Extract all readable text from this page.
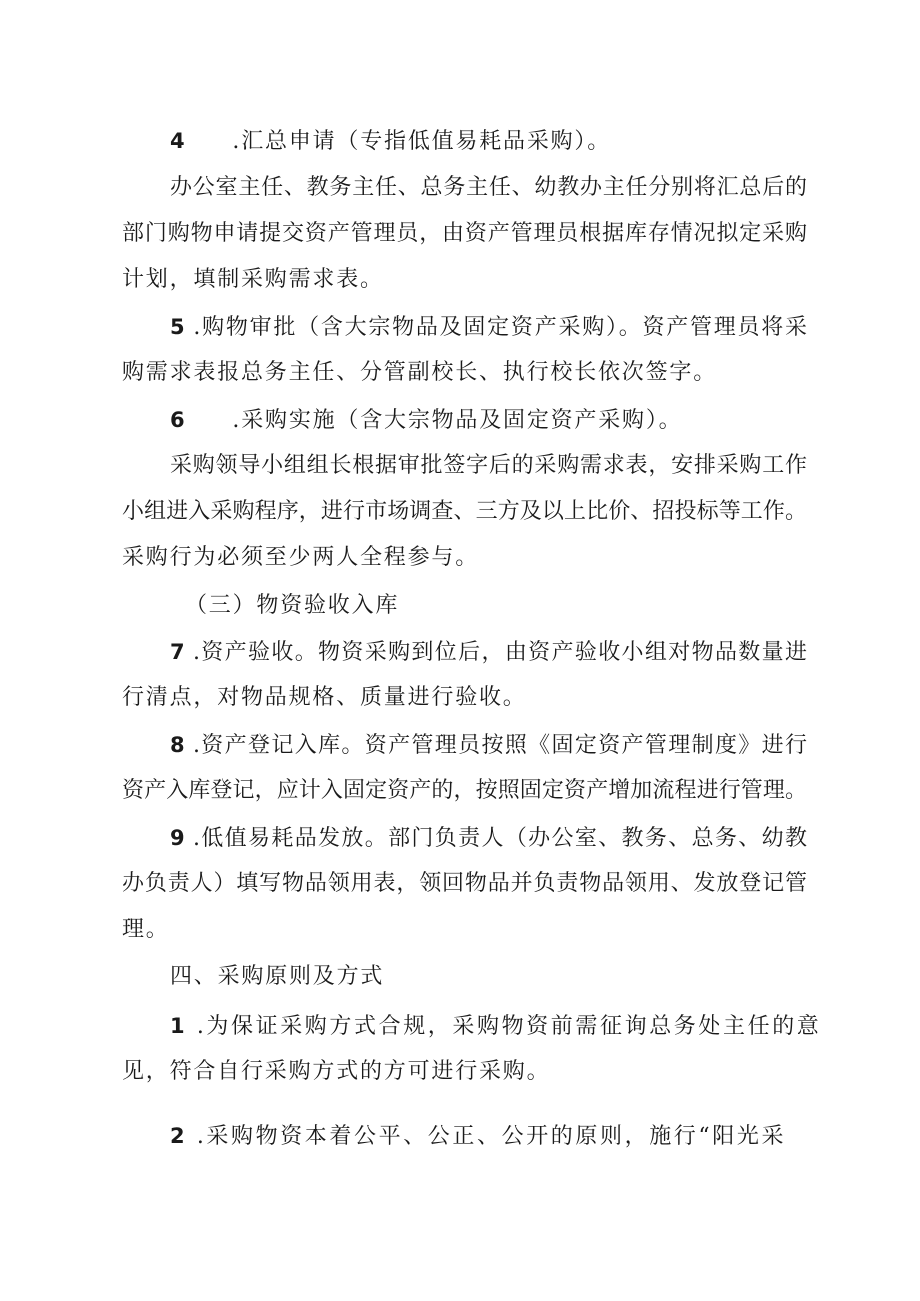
4 .汇总申请（专指低值易耗品采购）。
办公室主任、教务主任、总务主任、幼教办主任分别将汇总后的
部门购物申请提交资产管理员，由资产管理员根据库存情况拟定采购
计划，填制采购需求表。
5 .购物审批（含大宗物品及固定资产采购）。资产管理员将采
购需求表报总务主任、分管副校长、执行校长依次签字。
6 .采购实施（含大宗物品及固定资产采购）。
采购领导小组组长根据审批签字后的采购需求表，安排采购工作
小组进入采购程序，进行市场调查、三方及以上比价、招投标等工作。
采购行为必须至少两人全程参与。
（三）物资验收入库
7 .资产验收。物资采购到位后，由资产验收小组对物品数量进
行清点，对物品规格、质量进行验收。
8 .资产登记入库。资产管理员按照《固定资产管理制度》进行
资产入库登记，应计入固定资产的，按照固定资产增加流程进行管理。
9 .低值易耗品发放。部门负责人（办公室、教务、总务、幼教
办负责人）填写物品领用表，领回物品并负责物品领用、发放登记管
理。
四、采购原则及方式
1 .为保证采购方式合规，采购物资前需征询总务处主任的意
见，符合自行采购方式的方可进行采购。
2 .采购物资本着公平、公正、公开的原则，施行“阳光采
